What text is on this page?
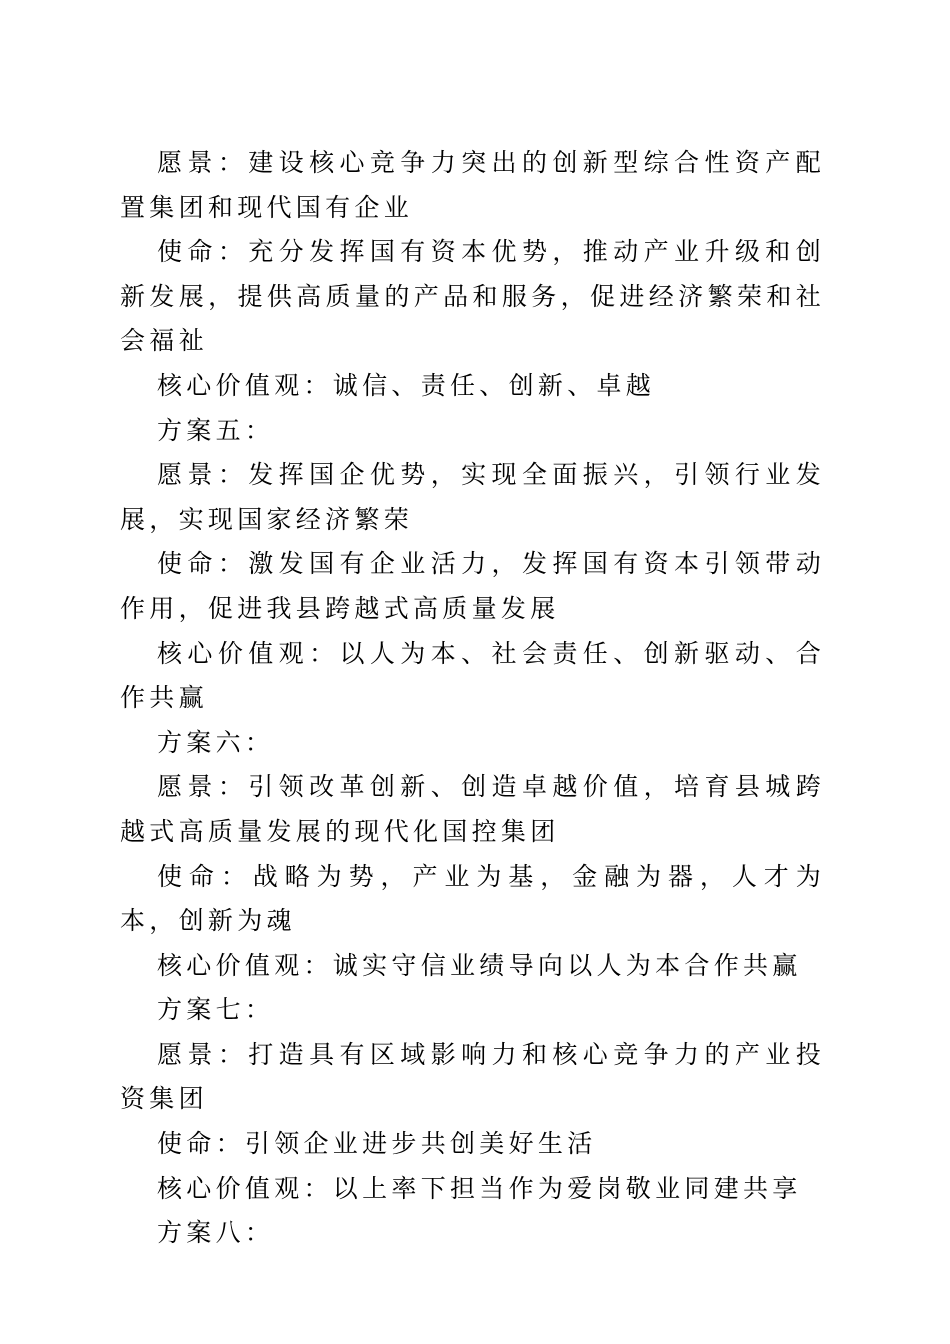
愿景：建设核心竞争力突出的创新型综合性资产配置集团和现代国有企业

使命：充分发挥国有资本优势，推动产业升级和创新发展，提供高质量的产品和服务，促进经济繁荣和社会福祉

核心价值观：诚信、责任、创新、卓越

方案五：

愿景：发挥国企优势，实现全面振兴，引领行业发展，实现国家经济繁荣

使命：激发国有企业活力，发挥国有资本引领带动作用，促进我县跨越式高质量发展

核心价值观：以人为本、社会责任、创新驱动、合作共赢

方案六：

愿景：引领改革创新、创造卓越价值，培育县城跨越式高质量发展的现代化国控集团

使命：战略为势，产业为基，金融为器，人才为本，创新为魂

核心价值观：诚实守信业绩导向以人为本合作共赢

方案七：

愿景：打造具有区域影响力和核心竞争力的产业投资集团

使命：引领企业进步共创美好生活

核心价值观：以上率下担当作为爱岗敬业同建共享

方案八：
